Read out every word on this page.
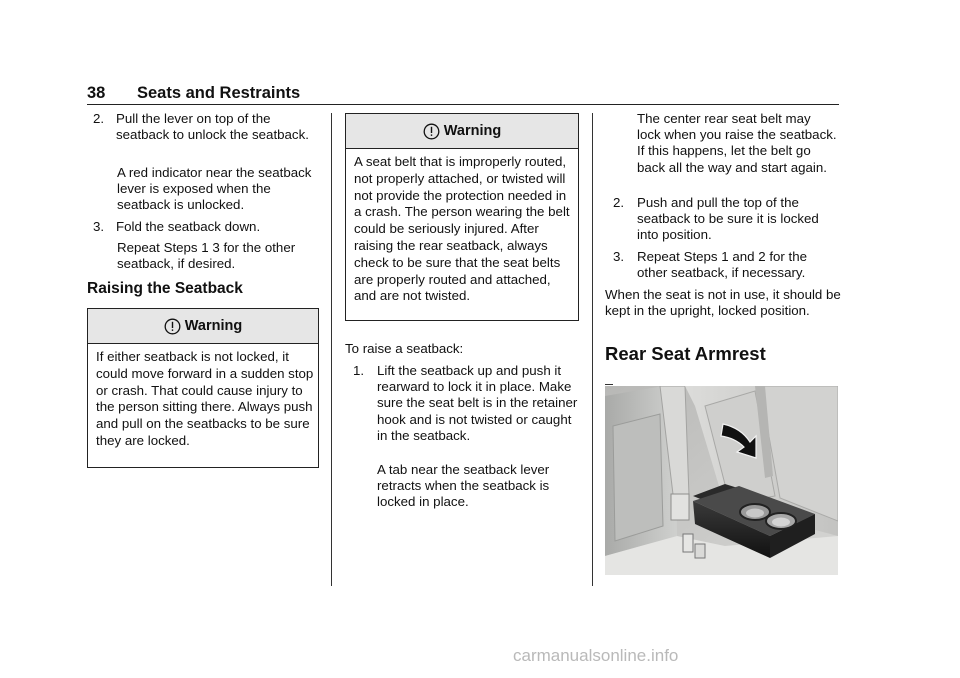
38 Seats and Restraints
2. Pull the lever on top of the seatback to unlock the seatback.

A red indicator near the seatback lever is exposed when the seatback is unlocked.

3. Fold the seatback down.

Repeat Steps 1 3 for the other seatback, if desired.

Raising the Seatback
Warning

If either seatback is not locked, it could move forward in a sudden stop or crash. That could cause injury to the person sitting there. Always push and pull on the seatbacks to be sure they are locked.

Warning

A seat belt that is improperly routed, not properly attached, or twisted will not provide the protection needed in a crash. The person wearing the belt could be seriously injured. After raising the rear seatback, always check to be sure that the seat belts are properly routed and attached, and are not twisted.

To raise a seatback:

1. Lift the seatback up and push it rearward to lock it in place. Make sure the seat belt is in the retainer hook and is not twisted or caught in the seatback.

A tab near the seatback lever retracts when the seatback is locked in place.

The center rear seat belt may lock when you raise the seatback. If this happens, let the belt go back all the way and start again.

2. Push and pull the top of the seatback to be sure it is locked into position.

3. Repeat Steps 1 and 2 for the other seatback, if necessary.

When the seat is not in use, it should be kept in the upright, locked position.

Rear Seat Armrest
carmanualsonline.info
